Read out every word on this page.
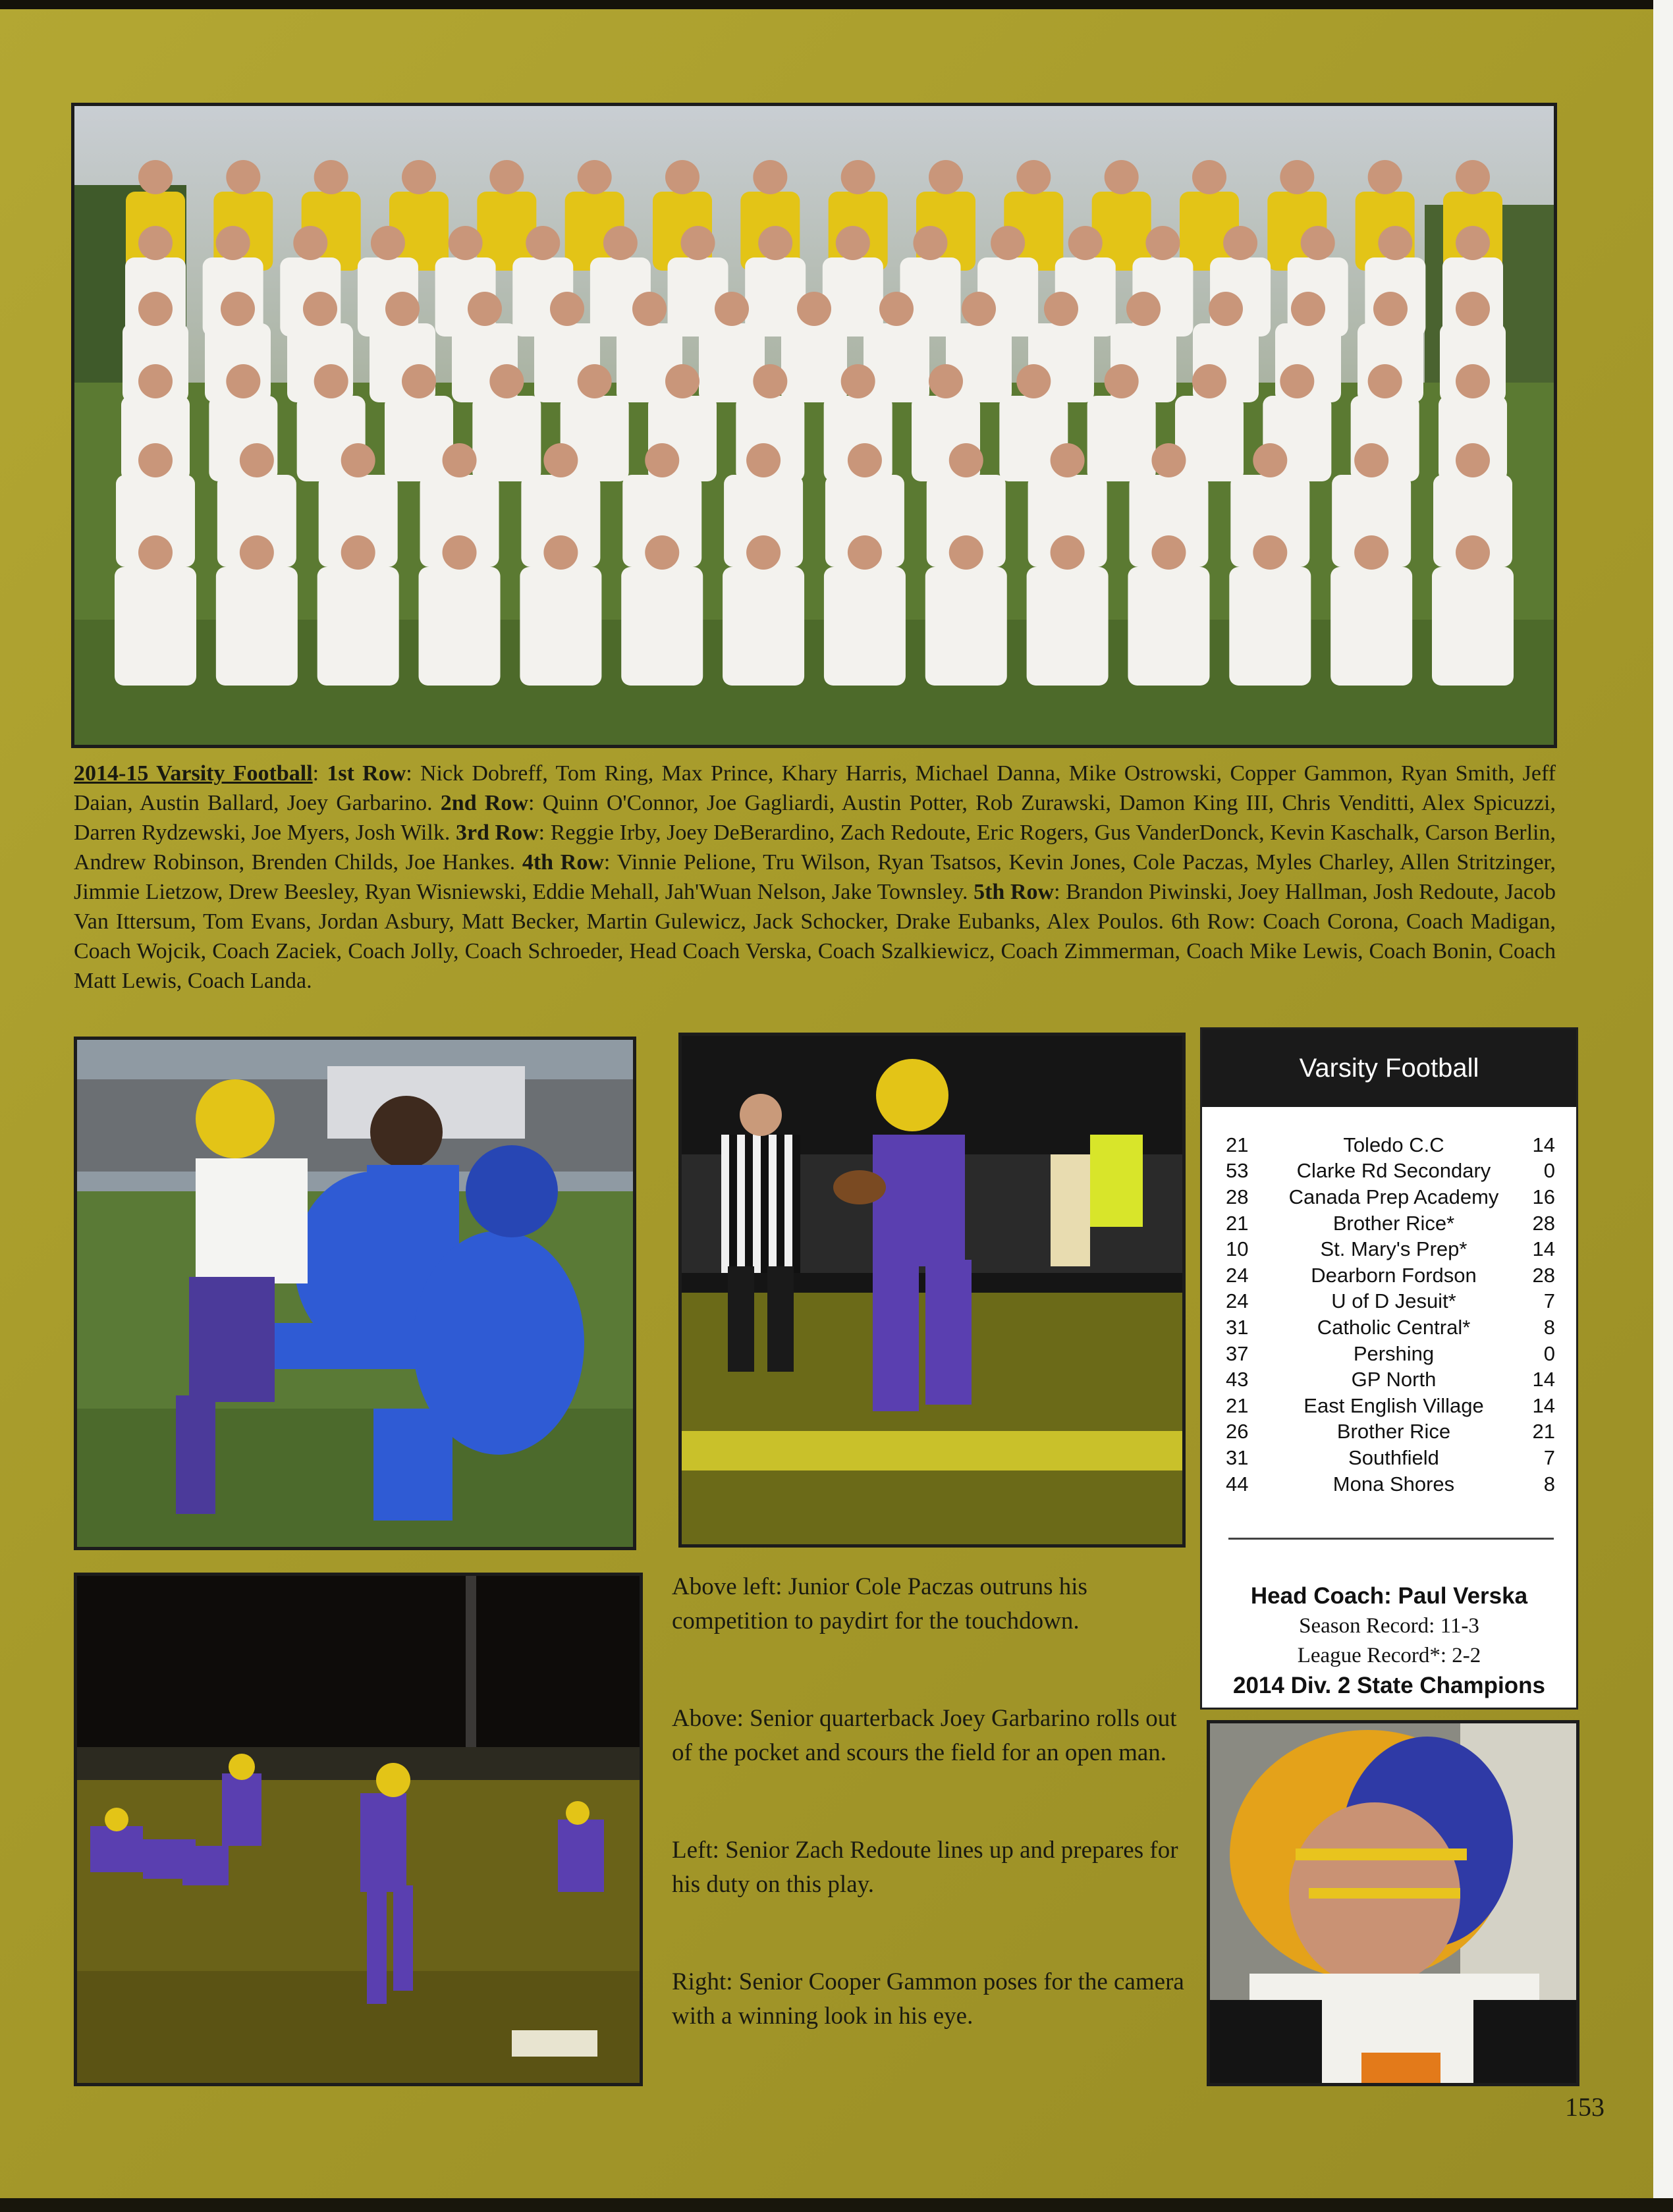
2014-15 Varsity Football: 1st Row: Nick Dobreff, Tom Ring, Max Prince, Khary Harris, Michael Danna, Mike Ostrowski, Copper Gammon, Ryan Smith, Jeff Daian, Austin Ballard, Joey Garbarino. 2nd Row: Quinn O'Connor, Joe Gagliardi, Austin Potter, Rob Zurawski, Damon King III, Chris Venditti, Alex Spicuzzi, Darren Rydzewski, Joe Myers, Josh Wilk. 3rd Row: Reggie Irby, Joey DeBerardino, Zach Redoute, Eric Rogers, Gus VanderDonck, Kevin Kaschalk, Carson Berlin, Andrew Robinson, Brenden Childs, Joe Hankes. 4th Row: Vinnie Pelione, Tru Wilson, Ryan Tsatsos, Kevin Jones, Cole Paczas, Myles Charley, Allen Stritzinger, Jimmie Lietzow, Drew Beesley, Ryan Wisniewski, Eddie Mehall, Jah'Wuan Nelson, Jake Townsley. 5th Row: Brandon Piwinski, Joey Hallman, Josh Redoute, Jacob Van Ittersum, Tom Evans, Jordan Asbury, Matt Becker, Martin Gulewicz, Jack Schocker, Drake Eubanks, Alex Poulos. 6th Row: Coach Corona, Coach Madigan, Coach Wojcik, Coach Zaciek, Coach Jolly, Coach Schroeder, Head Coach Verska, Coach Szalkiewicz, Coach Zimmerman, Coach Mike Lewis, Coach Bonin, Coach Matt Lewis, Coach Landa.
Varsity Football
21	Toledo C.C	14
53	Clarke Rd Secondary	0
28	Canada Prep Academy	16
21	Brother Rice*	28
10	St. Mary's Prep*	14
24	Dearborn Fordson	28
24	U of D Jesuit*	7
31	Catholic Central*	8
37	Pershing	0
43	GP North	14
21	East English Village	14
26	Brother Rice	21
31	Southfield	7
44	Mona Shores	8
Head Coach: Paul Verska
Season Record: 11-3
League Record*: 2-2
2014 Div. 2 State Champions

Above left: Junior Cole Paczas outruns his competition to paydirt for the touchdown.

Above: Senior quarterback Joey Garbarino rolls out of the pocket and scours the field for an open man.

Left: Senior Zach Redoute lines up and prepares for his duty on this play.

Right: Senior Cooper Gammon poses for the camera with a winning look in his eye.

153
